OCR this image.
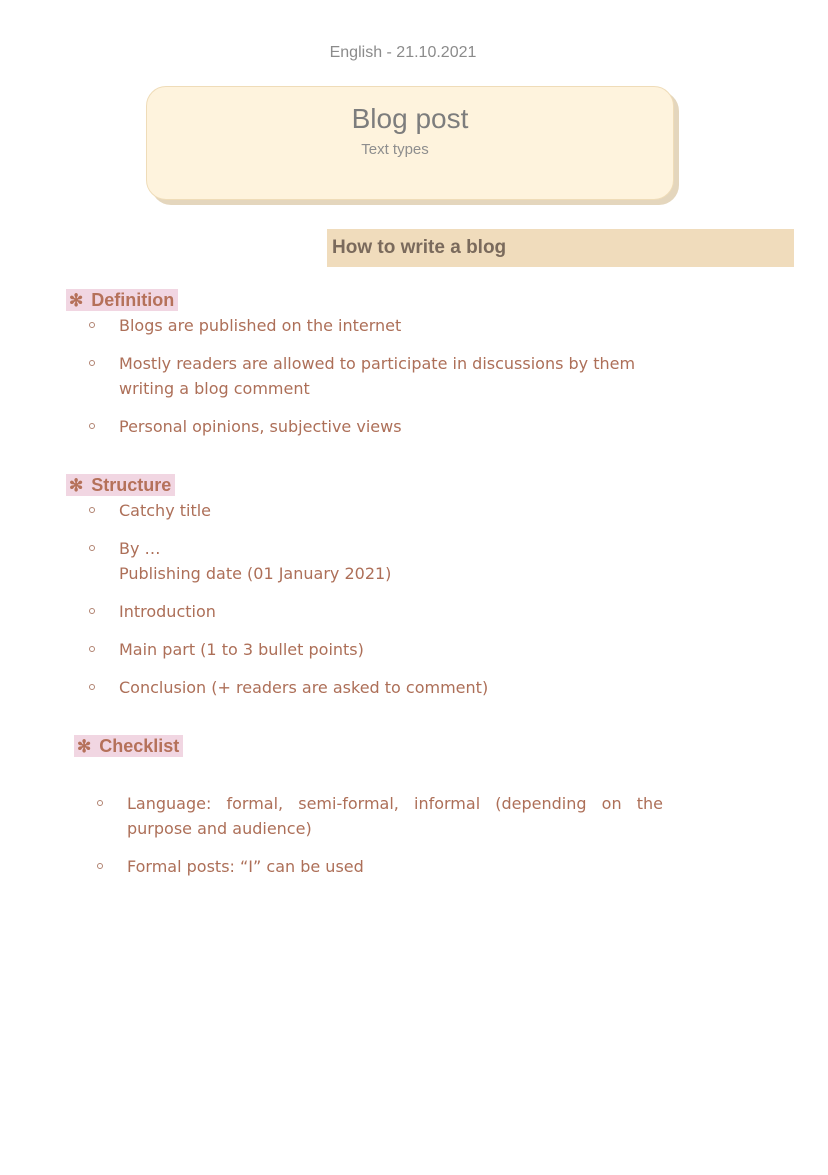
English - 21.10.2021
Blog post
Text types
How to write a blog
✻ Definition
Blogs are published on the internet
Mostly readers are allowed to participate in discussions by them writing a blog comment
Personal opinions, subjective views
✻ Structure
Catchy title
By …
Publishing date (01 January 2021)
Introduction
Main part (1 to 3 bullet points)
Conclusion (+ readers are asked to comment)
✻ Checklist
Language: formal, semi-formal, informal (depending on the purpose and audience)
Formal posts: “I” can be used
